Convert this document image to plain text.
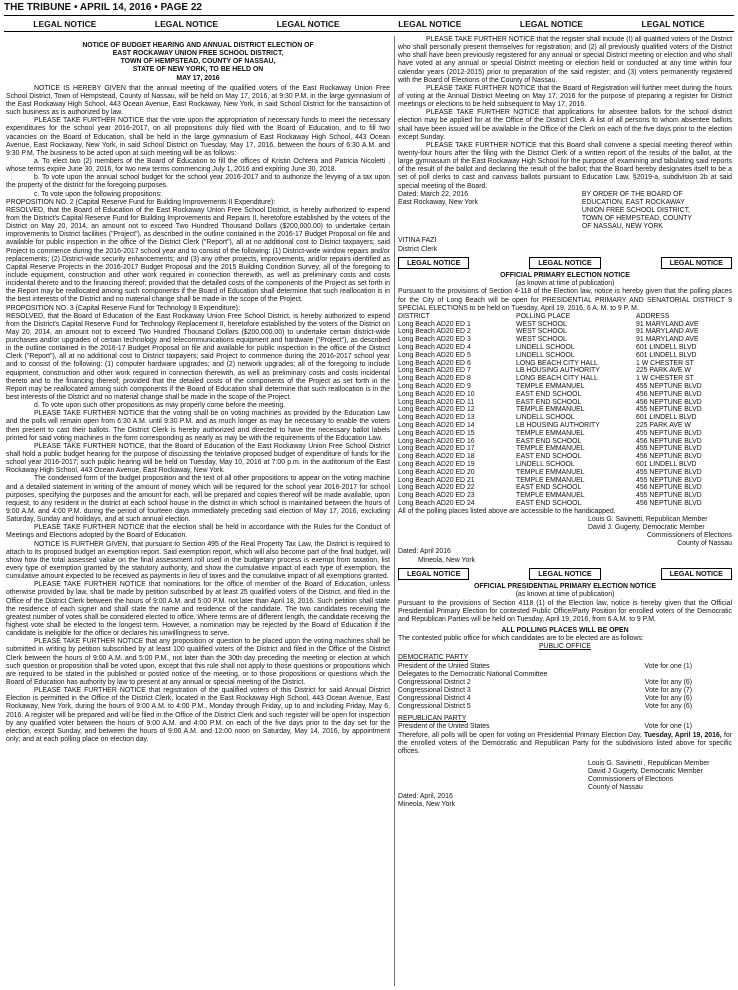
THE TRIBUNE • APRIL 14, 2016 • PAGE 22
LEGAL NOTICE	LEGAL NOTICE	LEGAL NOTICE	LEGAL NOTICE	LEGAL NOTICE	LEGAL NOTICE
NOTICE OF BUDGET HEARING AND ANNUAL DISTRICT ELECTION OF
EAST ROCKAWAY UNION FREE SCHOOL DISTRICT,
TOWN OF HEMPSTEAD, COUNTY OF NASSAU,
STATE OF NEW YORK, TO BE HELD ON
MAY 17, 2016

NOTICE IS HEREBY GIVEN that the annual meeting of the qualified voters of the East Rockaway Union Free School District, Town of Hempstead, County of Nassau, will be held on May 17, 2016, at 9:30 P.M. in the large gymnasium of the East Rockaway High School, 443 Ocean Avenue, East Rockaway, New York, in said School District for the transaction of such business as is authorized by law.

PLEASE TAKE FURTHER NOTICE that the vote upon the appropriation of necessary funds to meet the necessary expenditures for the school year 2016-2017, on all propositions duly filed with the Board of Education, and to fill two vacancies on the Board of Education, shall be held in the large gymnasium of East Rockaway High School, 443 Ocean Avenue, East Rockaway, New York, in said School District on Tuesday, May 17, 2016, between the hours of 6:30 A.M. and 9:30 P.M. The business to be acted upon at such meeting will be as follows:

a. To elect two (2) members of the Board of Education to fill the offices of Kristin Ochtera and Patricia Nicoletti , whose terms expire June 30, 2016, for two new terms commencing July 1, 2016 and expiring June 30, 2018.

b. To vote upon the annual school budget for the school year 2016-2017 and to authorize the levying of a tax upon the property of the district for the foregoing purposes.

c. To vote upon the following propositions:

PROPOSITION NO. 2 (Capital Reserve Fund for Building Improvements II Expenditure):

RESOLVED, that the Board of Education of the East Rockaway Union Free School District, is hereby authorized to expend from the District's Capital Reserve Fund for Building Improvements and Repairs II, heretofore established by the voters of the District on May 20, 2014, an amount not to exceed Two Hundred Thousand Dollars ($200,000.00) to undertake certain improvements to District facilities ("Project"), as described in the outline contained in the 2016-17 Budget Proposal on file and available for public inspection in the office of the District Clerk ("Report"), all at no additional cost to District taxpayers; said Project to commence during the 2016-2017 school year and to consist of the following: (1) District-wide window repairs and/or replacements; (2) District-wide security enhancements; and (3) any other projects, improvements, and/or repairs identified as Capital Reserve Projects in the 2016-2017 Budget Proposal and the 2015 Building Condition Survey; all of the foregoing to include equipment, construction and other work required in connection therewith, as well as preliminary costs and costs incidental thereto and to the financing thereof; provided that the detailed costs of the components of the Project as set forth in the Report may be reallocated among such components if the Board of Education shall determine that such reallocation is in the best interests of the District and no material change shall be made in the scope of the Project.

PROPOSITION NO. 3 (Capital Reserve Fund for Technology II Expenditure):

RESOLVED, that the Board of Education of the East Rockaway Union Free School District, is hereby authorized to expend from the District's Capital Reserve Fund for Technology Replacement II, heretofore established by the voters of the District on May 20, 2014, an amount not to exceed Two Hundred Thousand Dollars ($200,000.00) to undertake certain district-wide purchases and/or upgrades of certain technology and telecommunications equipment and hardware ("Project"), as described in the outline contained in the 2016-17 Budget Proposal on file and available for public inspection in the office of the District Clerk ("Report"), all at no additional cost to District taxpayers; said Project to commence during the 2016-2017 school year and to consist of the following: (1) computer hardware upgrades; and (2) network upgrades; all of the foregoing to include equipment, construction and other work required in connection therewith, as well as preliminary costs and costs incidental thereto and to the financing thereof; provided that the detailed costs of the components of the Project as set forth in the Report may be reallocated among such components if the Board of Education shall determine that such reallocation is in the best interests of the District and no material change shall be made in the scope of the Project.

d. To vote upon such other propositions as may properly come before the meeting.

PLEASE TAKE FURTHER NOTICE that the voting shall be on voting machines as provided by the Education Law and the polls will remain open from 6:30 A.M. until 9:30 P.M. and as much longer as may be necessary to enable the voters then present to cast their ballots. The District Clerk is hereby authorized and directed to have the necessary ballot labels printed for said voting machines in the form corresponding as nearly as may be with the requirements of the Education Law.

PLEASE TAKE FURTHER NOTICE, that the Board of Education of the East Rockaway Union Free School District shall hold a public budget hearing for the purpose of discussing the tentative proposed budget of expenditure of funds for the school year 2016-2017; such public hearing will be held on Tuesday, May 10, 2016 at 7:00 p.m. in the auditorium of the East Rockaway High School, 443 Ocean Avenue, East Rockaway, New York.

The condensed form of the budget proposition and the text of all other propositions to appear on the voting machine and a detailed statement in writing of the amount of money which will be required for the school year 2016-2017 for school purposes, specifying the purposes and the amount for each, will be prepared and copies thereof will be made available, upon request, to any resident in the district at each school house in the district in which school is maintained between the hours of 9:00 A.M. and 4:00 P.M. during the period of fourteen days immediately preceding said election of May 17, 2016, excluding Saturday, Sunday and holidays, and at such annual election.

PLEASE TAKE FURTHER NOTICE that the election shall be held in accordance with the Rules for the Conduct of Meetings and Elections adopted by the Board of Education.

NOTICE IS FURTHER GIVEN, that pursuant to Section 495 of the Real Property Tax Law, the District is required to attach to its proposed budget an exemption report. Said exemption report, which will also become part of the final budget, will show how the total assessed value on the final assessment roll used in the budgetary process is exempt from taxation, list every type of exemption granted by the statutory authority, and show the cumulative impact of each type of exemption, the cumulative amount expected to be received as payments in lieu of taxes and the cumulative impact of all exemptions granted.

PLEASE TAKE FURTHER NOTICE that nominations for the office of member of the Board of Education, unless otherwise provided by law, shall be made by petition subscribed by at least 25 qualified voters of the District, and filed in the Office of the District Clerk between the hours of 9:00 A.M. and 5:00 P.M. not later than April 18, 2016. Such petition shall state the residence of each signer and shall state the name and residence of the candidate. The two candidates receiving the greatest number of votes shall be considered elected to office. Where terms are of different length, the candidate receiving the highest vote shall be elected to the longest term. However, a nomination may be rejected by the Board of Education if the candidate is ineligible for the office or declares his unwillingness to serve.

PLEASE TAKE FURTHER NOTICE that any proposition or question to be placed upon the voting machines shall be submitted in writing by petition subscribed by at least 100 qualified voters of the District and filed in the Office of the District Clerk between the hours of 9:00 A.M. and 5:00 P.M., not later than the 30th day preceding the meeting or election at which such question or proposition shall be voted upon, except that this rule shall not apply to those questions or propositions which are required to be stated in the published or posted notice of the meeting, or to those propositions or questions which the Board of Education has authority by law to present at any annual or special meeting of the District.

PLEASE TAKE FURTHER NOTICE that registration of the qualified voters of this District for said Annual District Election is permitted in the Office of the District Clerk, located in the East Rockaway High School, 443 Ocean Avenue, East Rockaway, New York, during the hours of 9:00 A.M. to 4:00 P.M., Monday through Friday, up to and including Friday, May 6, 2016. A register will be prepared and will be filed in the Office of the District Clerk and such register will be open for inspection by any qualified voter between the hours of 9:00 A.M. and 4:00 P.M. on each of the five days prior to the day set for the election, except Sunday, and between the hours of 9:00 A.M. and 12:00 noon on Saturday, May 14, 2016, by appointment only; and at each polling place on election day.

PLEASE TAKE FURTHER NOTICE that the register shall include (I) all qualified voters of the District who shall personally present themselves for registration; and (2) all previously qualified voters of the District who shall have been previously registered for any annual or special District meeting or election and who shall have voted at any annual or special District meeting or election held or conducted at any time within four calendar years (2012-2015) prior to preparation of the said register; and (3) voters permanently registered with the Board of Elections of the County of Nassau.

PLEASE TAKE FURTHER NOTICE that the Board of Registration will further meet during the hours of voting at the Annual District Meeting on May 17, 2016 for the purpose of preparing a register for District meetings or elections to be held subsequent to May 17, 2016.

PLEASE TAKE FURTHER NOTICE that applications for absentee ballots for the school district election may be applied for at the Office of the District Clerk. A list of all persons to whom absentee ballots shall have been issued will be available in the Office of the Clerk on each of the five days prior to the election except Sunday.

PLEASE TAKE FURTHER NOTICE that this Board shall convene a special meeting thereof within twenty-four hours after the filing with the District Clerk of a written report of the results of the ballot, at the large gymnasium of the East Rockaway High School for the purpose of examining and tabulating said reports of the result of the ballot and declaring the result of the ballot; that the Board hereby designates itself to be a set of poll clerks to cast and canvass ballots pursuant to Education Law, §2019-a, subdivision 2b at said special meeting of the Board.

Dated: March 22, 2016
East Rockaway, New York
BY ORDER OF THE BOARD OF
EDUCATION, EAST ROCKAWAY
UNION FREE SCHOOL DISTRICT,
TOWN OF HEMPSTEAD, COUNTY
OF NASSAU, NEW YORK
VITINA FAZI
District Clerk
LEGAL NOTICE	LEGAL NOTICE	LEGAL NOTICE
OFFICIAL PRIMARY ELECTION NOTICE
(as known at time of publication)

Pursuant to the provisions of Section 4-118 of the Election law, notice is hereby given that the polling places for the City of Long Beach will be open for PRESIDENTIAL PRIMARY AND SENATORIAL DISTRICT 9 SPECIAL ELECTIONS to be held on Tuesday, April 19, 2016, 6 A. M. to 9 P. M.

DISTRICT	POLLING PLACE	ADDRESS
Long Beach AD20 ED 1	WEST SCHOOL	91 MARYLAND AVE
Long Beach AD20 ED 2	WEST SCHOOL	91 MARYLAND AVE
Long Beach AD20 ED 3	WEST SCHOOL	91 MARYLAND AVE
Long Beach AD20 ED 4	LINDELL SCHOOL	601 LINDELL BLVD
Long Beach AD20 ED 5	LINDELL SCHOOL	601 LINDELL BLVD
Long Beach AD20 ED 6	LONG BEACH CITY HALL	1 W CHESTER ST
Long Beach AD20 ED 7	LB HOUSING AUTHORITY	225 PARK AVE W
Long Beach AD20 ED 8	LONG BEACH CITY HALL	1 W CHESTER ST
Long Beach AD20 ED 9	TEMPLE EMMANUEL	455 NEPTUNE BLVD
Long Beach AD20 ED 10	EAST END SCHOOL	456 NEPTUNE BLVD
Long Beach AD20 ED 11	EAST END SCHOOL	456 NEPTUNE BLVD
Long Beach AD20 ED 12	TEMPLE EMMANUEL	455 NEPTUNE BLVD
Long Beach AD20 ED 13	LINDELL SCHOOL	601 LINDELL BLVD
Long Beach AD20 ED 14	LB HOUSING AUTHORITY	225 PARK AVE W
Long Beach AD20 ED 15	TEMPLE EMMANUEL	455 NEPTUNE BLVD
Long Beach AD20 ED 16	EAST END SCHOOL	456 NEPTUNE BLVD
Long Beach AD20 ED 17	TEMPLE EMMANUEL	455 NEPTUNE BLVD
Long Beach AD20 ED 18	EAST END SCHOOL	456 NEPTUNE BLVD
Long Beach AD20 ED 19	LINDELL SCHOOL	601 LINDELL BLVD
Long Beach AD20 ED 20	TEMPLE EMMANUEL	455 NEPTUNE BLVD
Long Beach AD20 ED 21	TEMPLE EMMANUEL	455 NEPTUNE BLVD
Long Beach AD20 ED 22	EAST END SCHOOL	456 NEPTUNE BLVD
Long Beach AD20 ED 23	TEMPLE EMMANUEL	455 NEPTUNE BLVD
Long Beach AD20 ED 24	EAST END SCHOOL	456 NEPTUNE BLVD
All of the polling places listed above are accessible to the handicapped.
Louis G. Savinetti, Republican Member
David J. Gugerty, Democratic Member
Commissioners of Elections
County of Nassau
Dated: April 2016
Mineola, New York
LEGAL NOTICE	LEGAL NOTICE	LEGAL NOTICE
OFFICIAL PRESIDENTIAL PRIMARY ELECTION NOTICE
(as known at time of publication)

Pursuant to the provisions of Section 4118 (1) of the Election law, notice is hereby given that the Official Presidential Primary Election for contested Public Office/Party Position for enrolled voters of the Democratic and Republican Parties will be held on Tuesday, April 19, 2016, from 6 A.M. to 9 P.M.

ALL POLLING PLACES WILL BE OPEN
The contested public office for which candidates are to be elected are as follows:
PUBLIC OFFICE
DEMOCRATIC PARTY
President of the United States	Vote for one (1)
Delegates to the Democratic National Committee
Congressional District 2	Vote for any (6)
Congressional District 3	Vote for any (7)
Congressional District 4	Vote for any (6)
Congressional District 5	Vote for any (6)
REPUBLICAN PARTY
President of the United States	Vote for one (1)
Therefore, all polls will be open for voting on Presidential Primary Election Day, Tuesday, April 19, 2016, for the enrolled voters of the Democratic and Republican Party for the subdivisions listed above for specific offices.
Louis G. Savinetti , Republican Member
David J Gugerty, Democratic Member
Commissioners of Elections
County of Nassau
Dated: April, 2016
Mineola, New York
